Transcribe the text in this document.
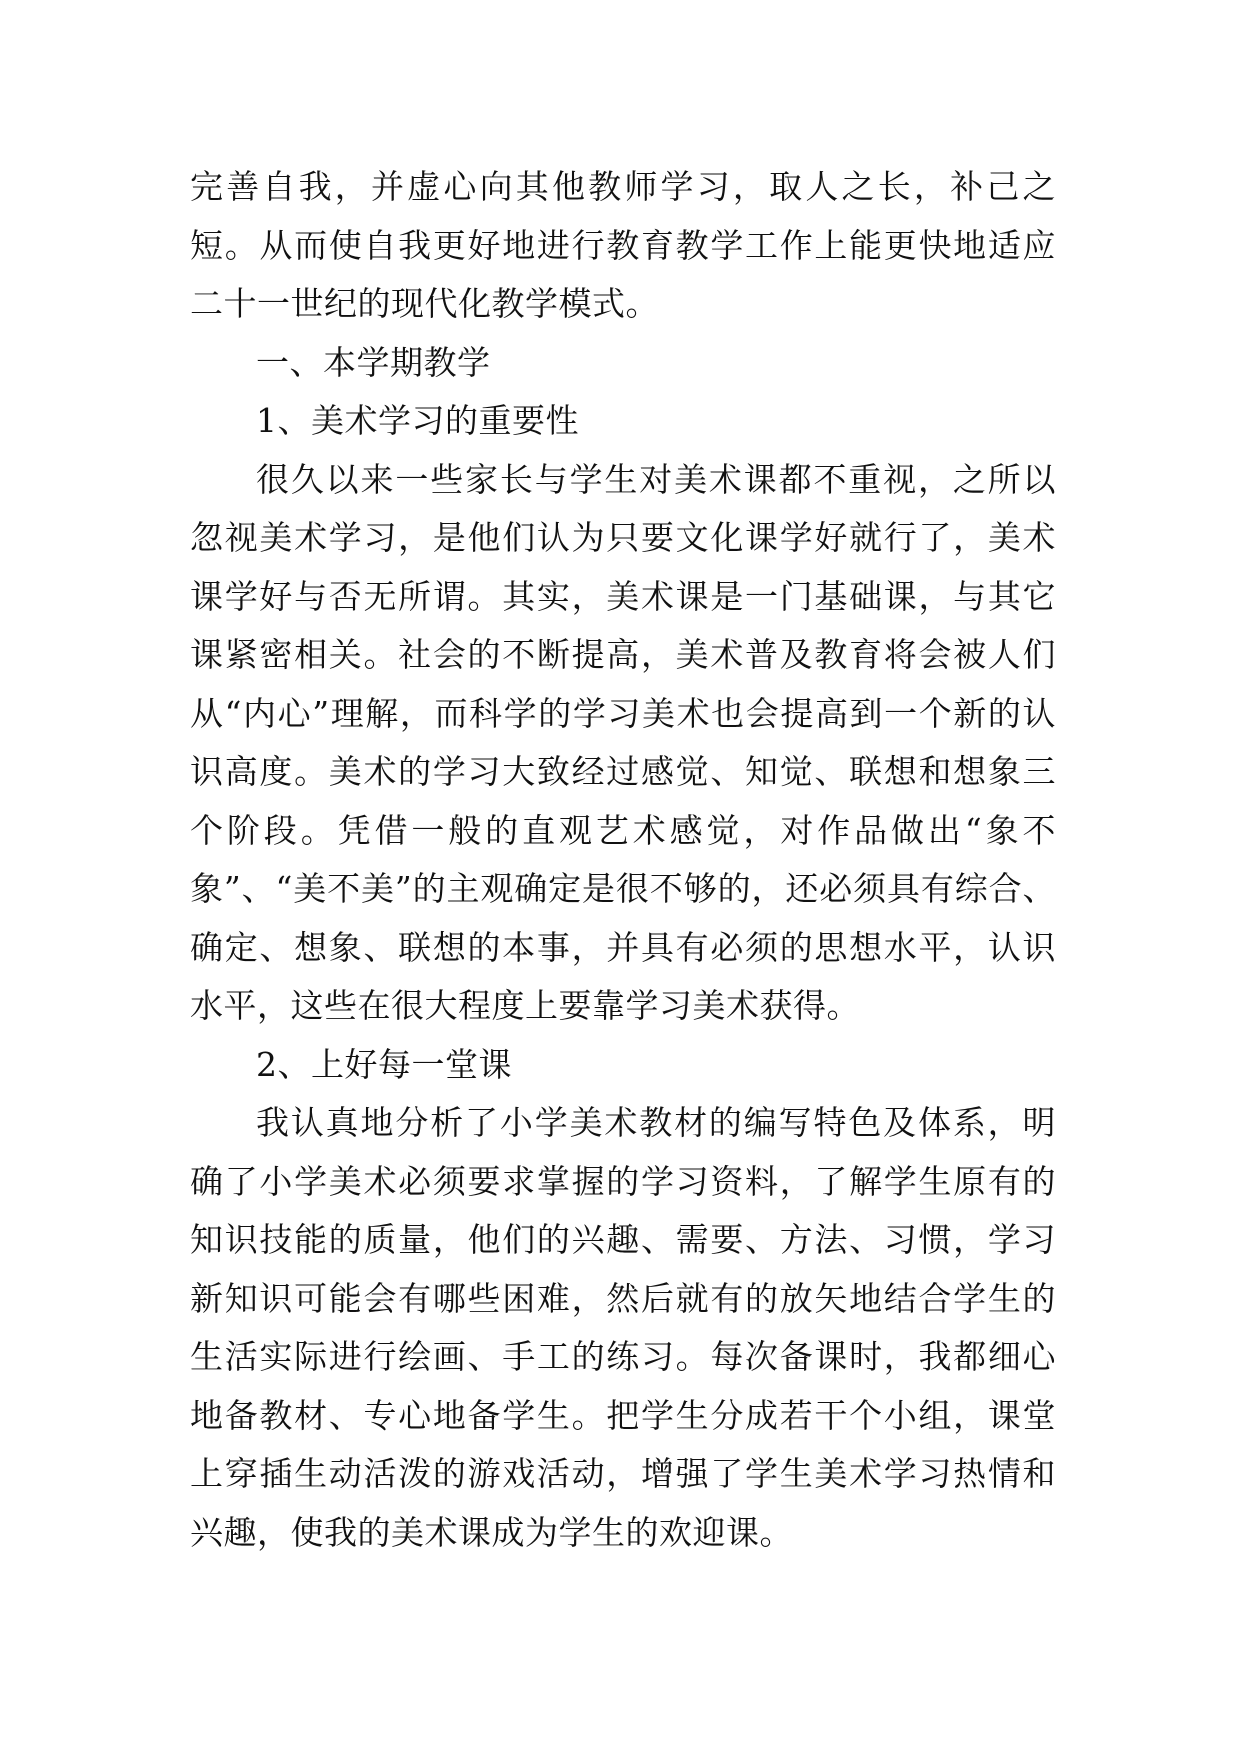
完善自我，并虚心向其他教师学习，取人之长，补己之短。从而使自我更好地进行教育教学工作上能更快地适应二十一世纪的现代化教学模式。

一、本学期教学

1、美术学习的重要性

很久以来一些家长与学生对美术课都不重视，之所以忽视美术学习，是他们认为只要文化课学好就行了，美术课学好与否无所谓。其实，美术课是一门基础课，与其它课紧密相关。社会的不断提高，美术普及教育将会被人们从“内心”理解，而科学的学习美术也会提高到一个新的认识高度。美术的学习大致经过感觉、知觉、联想和想象三个阶段。凭借一般的直观艺术感觉，对作品做出“象不象”、“美不美”的主观确定是很不够的，还必须具有综合、确定、想象、联想的本事，并具有必须的思想水平，认识水平，这些在很大程度上要靠学习美术获得。

2、上好每一堂课

我认真地分析了小学美术教材的编写特色及体系，明确了小学美术必须要求掌握的学习资料，了解学生原有的知识技能的质量，他们的兴趣、需要、方法、习惯，学习新知识可能会有哪些困难，然后就有的放矢地结合学生的生活实际进行绘画、手工的练习。每次备课时，我都细心地备教材、专心地备学生。把学生分成若干个小组，课堂上穿插生动活泼的游戏活动，增强了学生美术学习热情和兴趣，使我的美术课成为学生的欢迎课。
